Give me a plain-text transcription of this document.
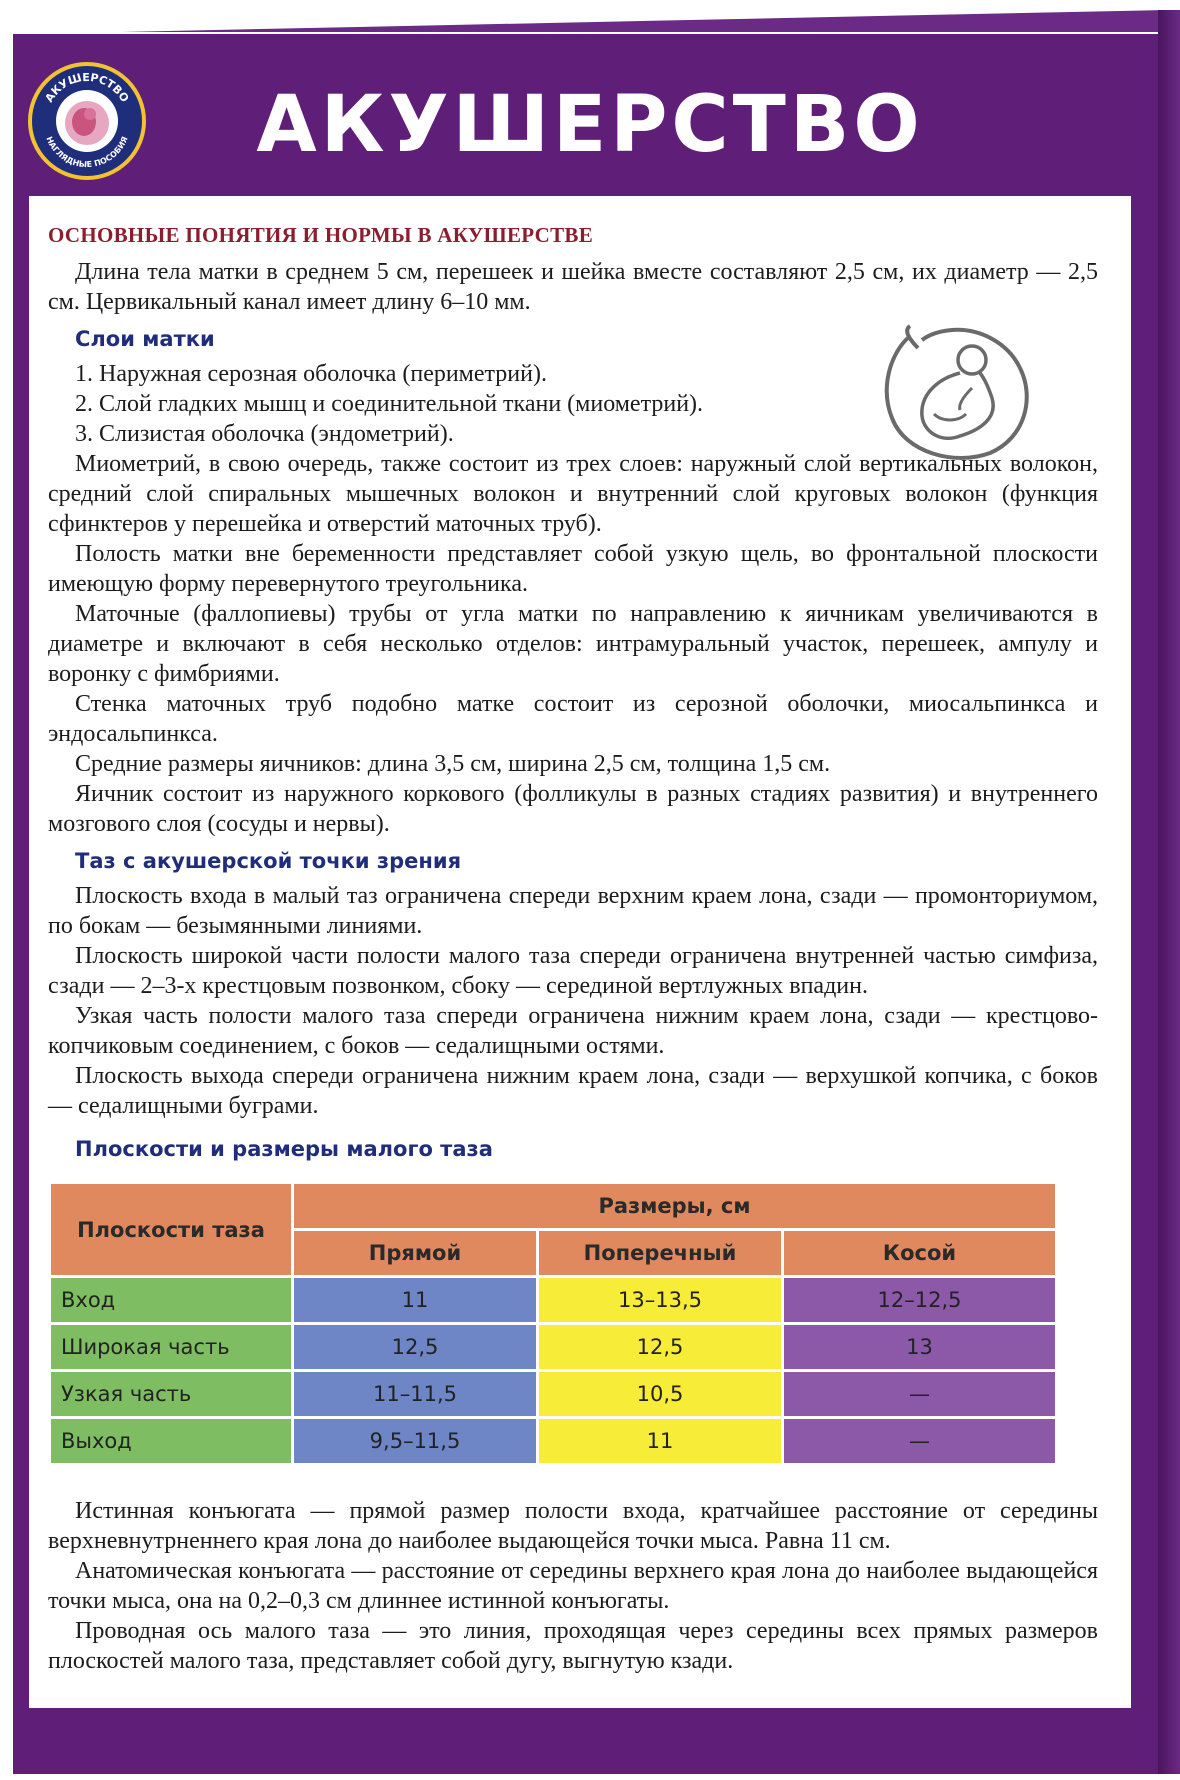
АКУШЕРСТВО
НАГЛЯДНЫЕ ПОСОБИЯ	АКУШЕРСТВО
ОСНОВНЫЕ ПОНЯТИЯ И НОРМЫ В АКУШЕРСТВЕ

Длина тела матки в среднем 5 см, перешеек и шейка вместе составляют 2,5 см, их диаметр — 2,5 см. Цервикальный канал имеет длину 6–10 мм.

Слои матки

1. Наружная серозная оболочка (периметрий).

2. Слой гладких мышц и соединительной ткани (миометрий).

3. Слизистая оболочка (эндометрий).

Миометрий, в свою очередь, также состоит из трех слоев: наружный слой вертикальных волокон, средний слой спиральных мышечных волокон и внутренний слой круговых волокон (функция сфинктеров у перешейка и отверстий маточных труб).

Полость матки вне беременности представляет собой узкую щель, во фронтальной плоскости имеющую форму перевернутого треугольника.

Маточные (фаллопиевы) трубы от угла матки по направлению к яичникам увеличиваются в диаметре и включают в себя несколько отделов: интрамуральный участок, перешеек, ампулу и воронку с фимбриями.

Стенка маточных труб подобно матке состоит из серозной оболочки, миосальпинкса и эндосальпинкса.

Средние размеры яичников: длина 3,5 см, ширина 2,5 см, толщина 1,5 см.

Яичник состоит из наружного коркового (фолликулы в разных стадиях развития) и внутреннего мозгового слоя (сосуды и нервы).

Таз с акушерской точки зрения

Плоскость входа в малый таз ограничена спереди верхним краем лона, сзади — промонториумом, по бокам — безымянными линиями.

Плоскость широкой части полости малого таза спереди ограничена внутренней частью симфиза, сзади — 2–3-х крестцовым позвонком, сбоку — серединой вертлужных впадин.

Узкая часть полости малого таза спереди ограничена нижним краем лона, сзади — крестцово-копчиковым соединением, с боков — седалищными остями.

Плоскость выхода спереди ограничена нижним краем лона, сзади — верхушкой копчика, с боков — седалищными буграми.

Плоскости и размеры малого таза
Плоскости таза	Размеры, см		
	Прямой	Поперечный	Косой
Вход	11	13–13,5	12–12,5
Широкая часть	12,5	12,5	13
Узкая часть	11–11,5	10,5	—
Выход	9,5–11,5	11	—

Истинная конъюгата — прямой размер полости входа, кратчайшее расстояние от середины верхневнутрненнего края лона до наиболее выдающейся точки мыса. Равна 11 см.

Анатомическая конъюгата — расстояние от середины верхнего края лона до наиболее выдающейся точки мыса, она на 0,2–0,3 см длиннее истинной конъюгаты.

Проводная ось малого таза — это линия, проходящая через середины всех прямых размеров плоскостей малого таза, представляет собой дугу, выгнутую кзади.
